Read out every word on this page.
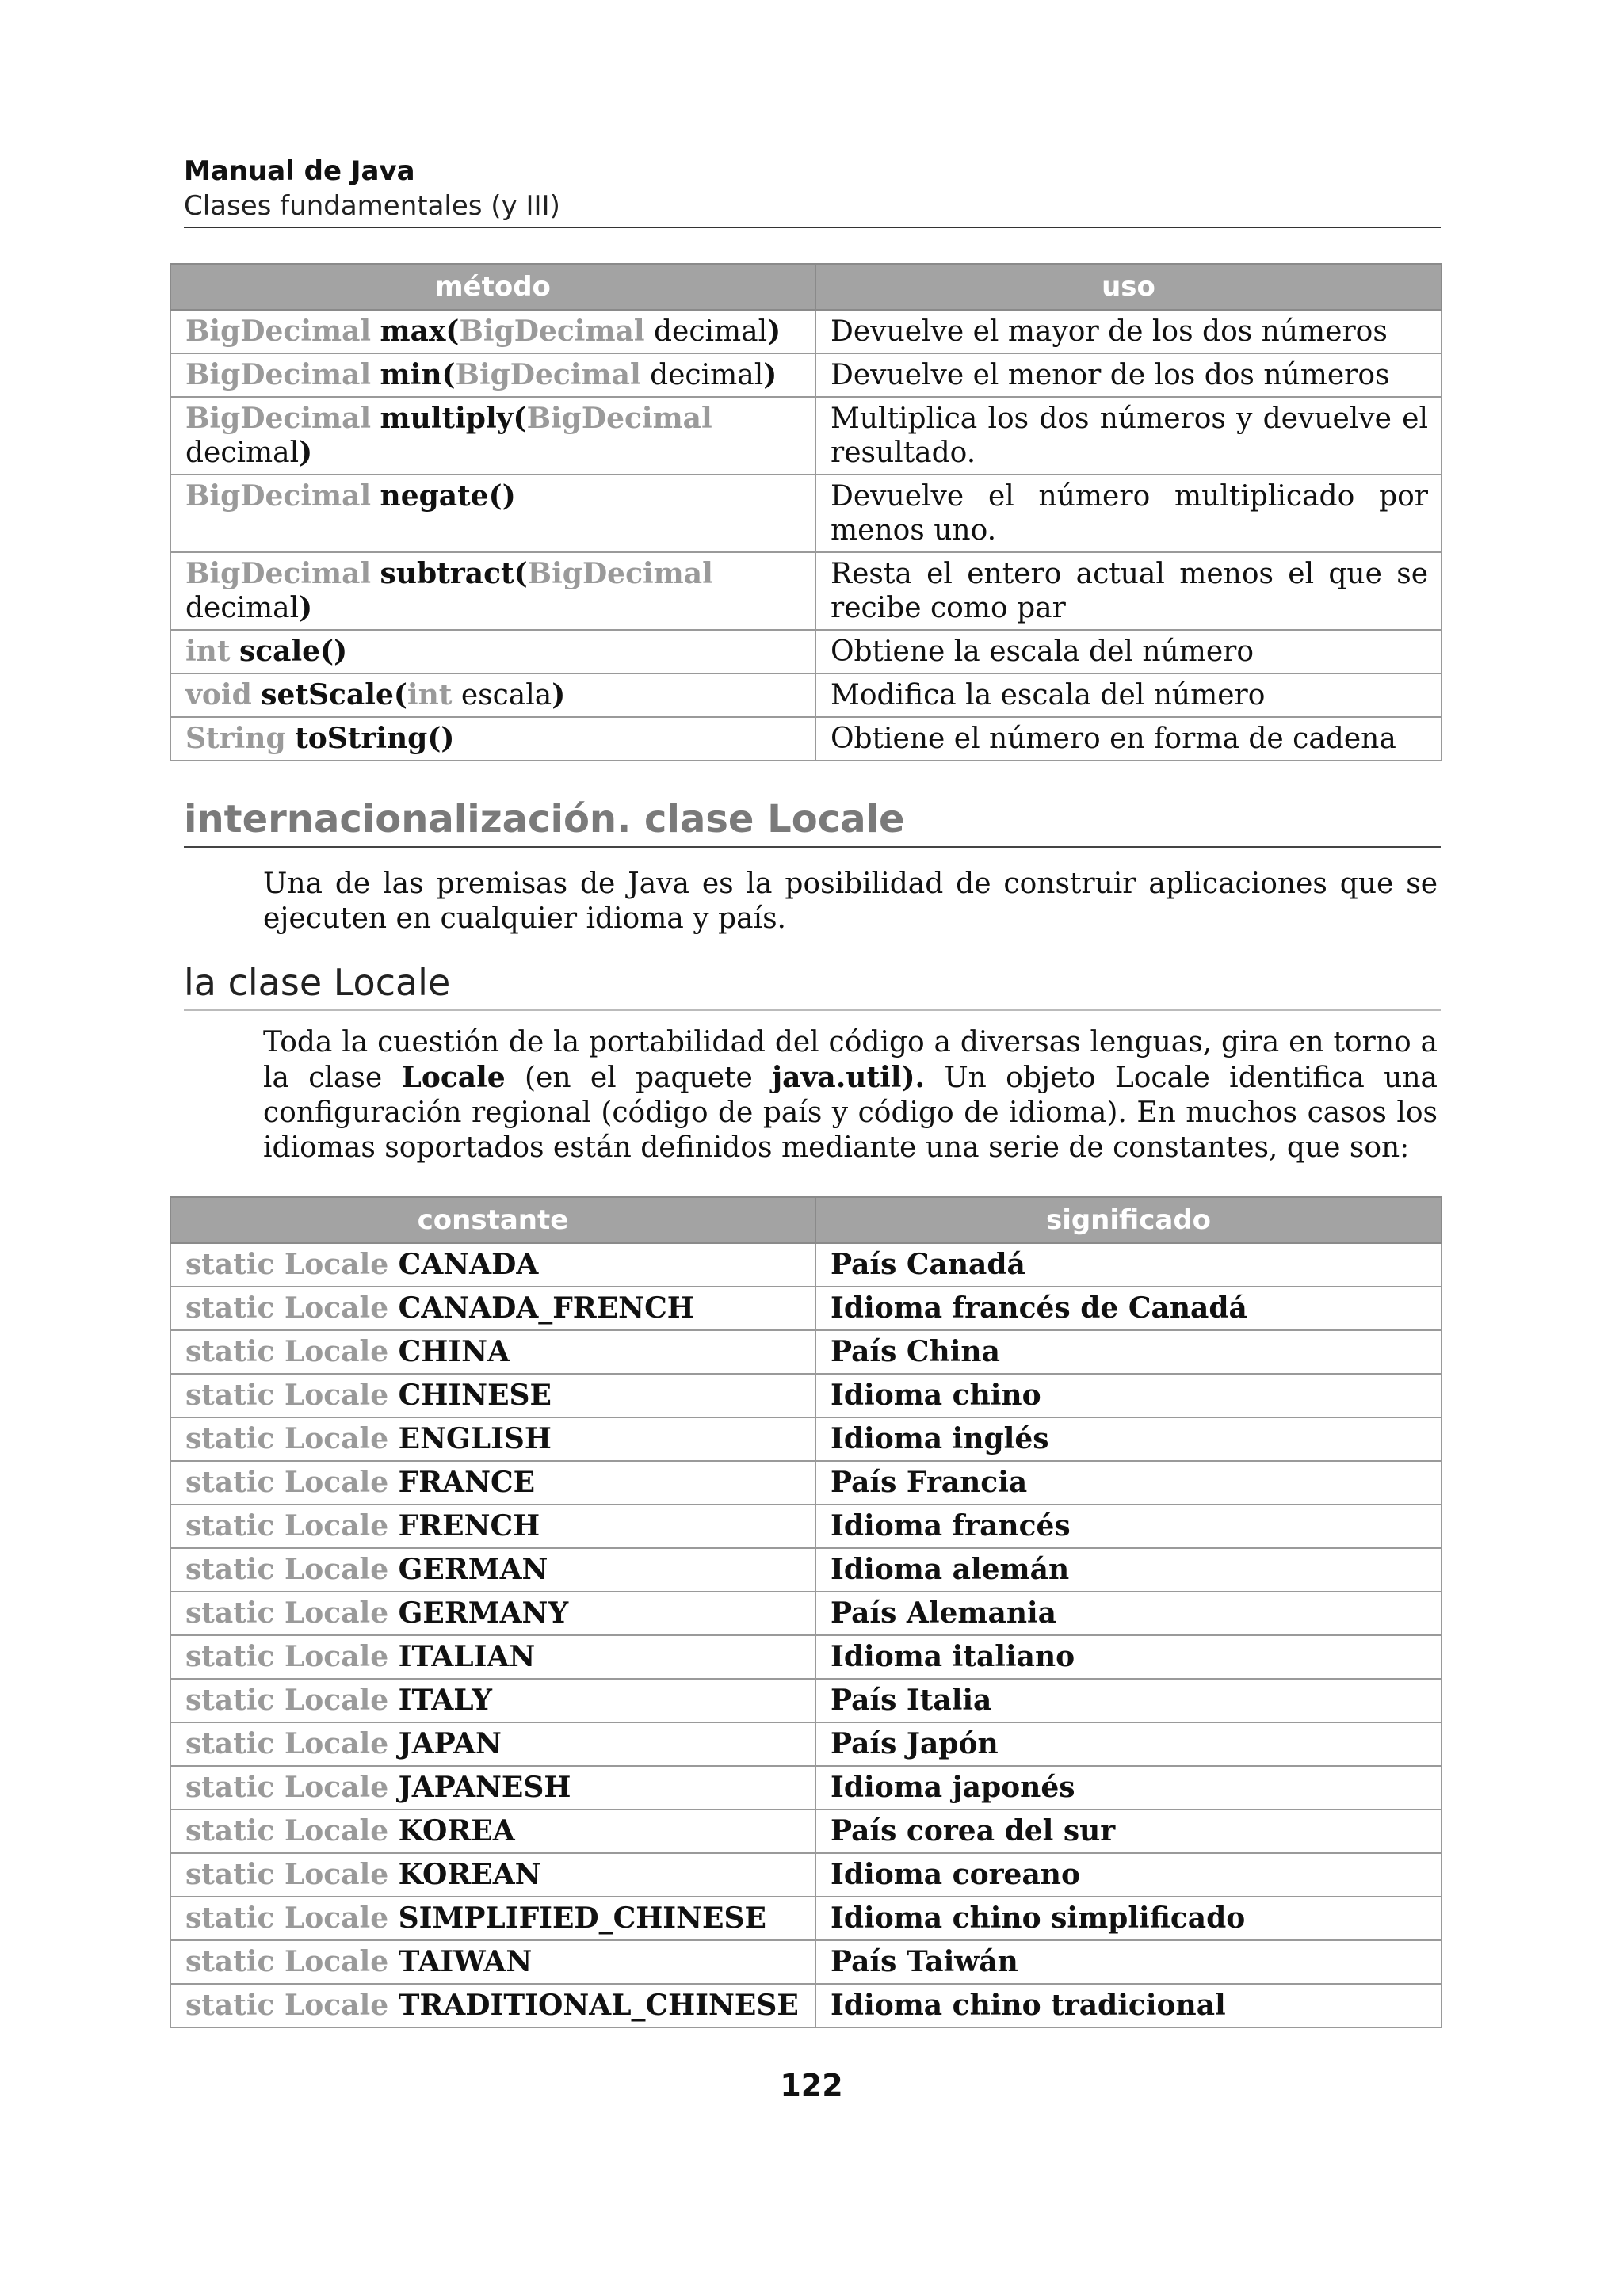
Manual de Java
Clases fundamentales (y III)
método	uso
BigDecimal max(BigDecimal decimal)	Devuelve el mayor de los dos números
BigDecimal min(BigDecimal decimal)	Devuelve el menor de los dos números
BigDecimal multiply(BigDecimal decimal)	Multiplica los dos números y devuelve el resultado.
BigDecimal negate()	Devuelve el número multiplicado por menos uno.
BigDecimal subtract(BigDecimal decimal)	Resta el entero actual menos el que se recibe como par
int scale()	Obtiene la escala del número
void setScale(int escala)	Modifica la escala del número
String toString()	Obtiene el número en forma de cadena
internacionalización. clase Locale
Una de las premisas de Java es la posibilidad de construir aplicaciones que se ejecuten en cualquier idioma y país.
la clase Locale
Toda la cuestión de la portabilidad del código a diversas lenguas, gira en torno a la clase Locale (en el paquete java.util). Un objeto Locale identifica una configuración regional (código de país y código de idioma). En muchos casos los idiomas soportados están definidos mediante una serie de constantes, que son:
constante	significado
static Locale CANADA	País Canadá
static Locale CANADA_FRENCH	Idioma francés de Canadá
static Locale CHINA	País China
static Locale CHINESE	Idioma chino
static Locale ENGLISH	Idioma inglés
static Locale FRANCE	País Francia
static Locale FRENCH	Idioma francés
static Locale GERMAN	Idioma alemán
static Locale GERMANY	País Alemania
static Locale ITALIAN	Idioma italiano
static Locale ITALY	País Italia
static Locale JAPAN	País Japón
static Locale JAPANESH	Idioma japonés
static Locale KOREA	País corea del sur
static Locale KOREAN	Idioma coreano
static Locale SIMPLIFIED_CHINESE	Idioma chino simplificado
static Locale TAIWAN	País Taiwán
static Locale TRADITIONAL_CHINESE	Idioma chino tradicional
122
